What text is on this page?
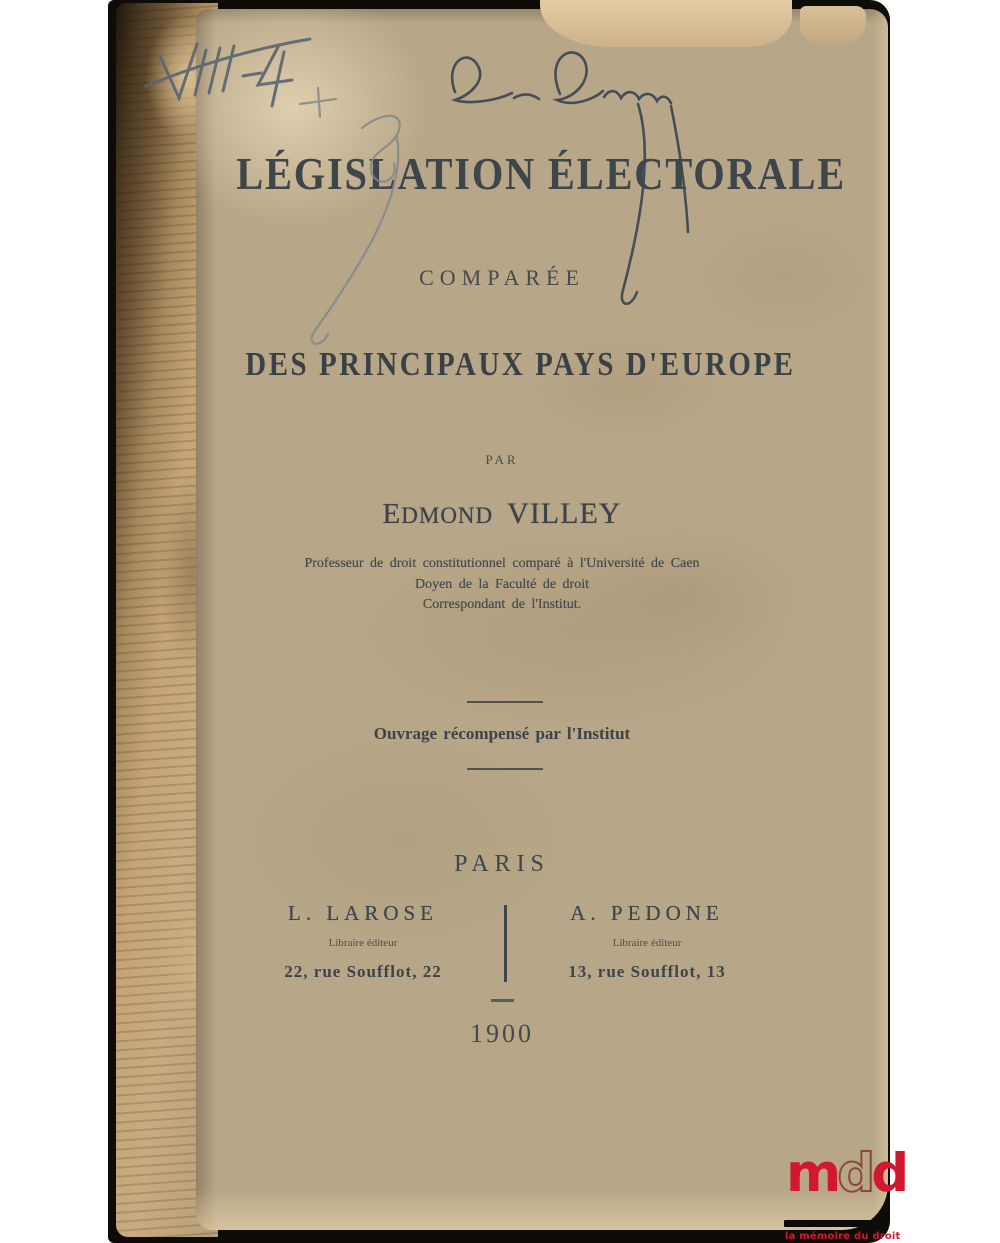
LÉGISLATION ÉLECTORALE
COMPARÉE
DES PRINCIPAUX PAYS D'EUROPE
PAR
EDMOND VILLEY
Professeur de droit constitutionnel comparé à l'Université de Caen
Doyen de la Faculté de droit
Correspondant de l'Institut.
Ouvrage récompensé par l'Institut
PARIS
L. LAROSE
Libraire éditeur
22, rue Soufflot, 22
A. PEDONE
Libraire éditeur
13, rue Soufflot, 13
1900
mdd
la mémoire du droit
